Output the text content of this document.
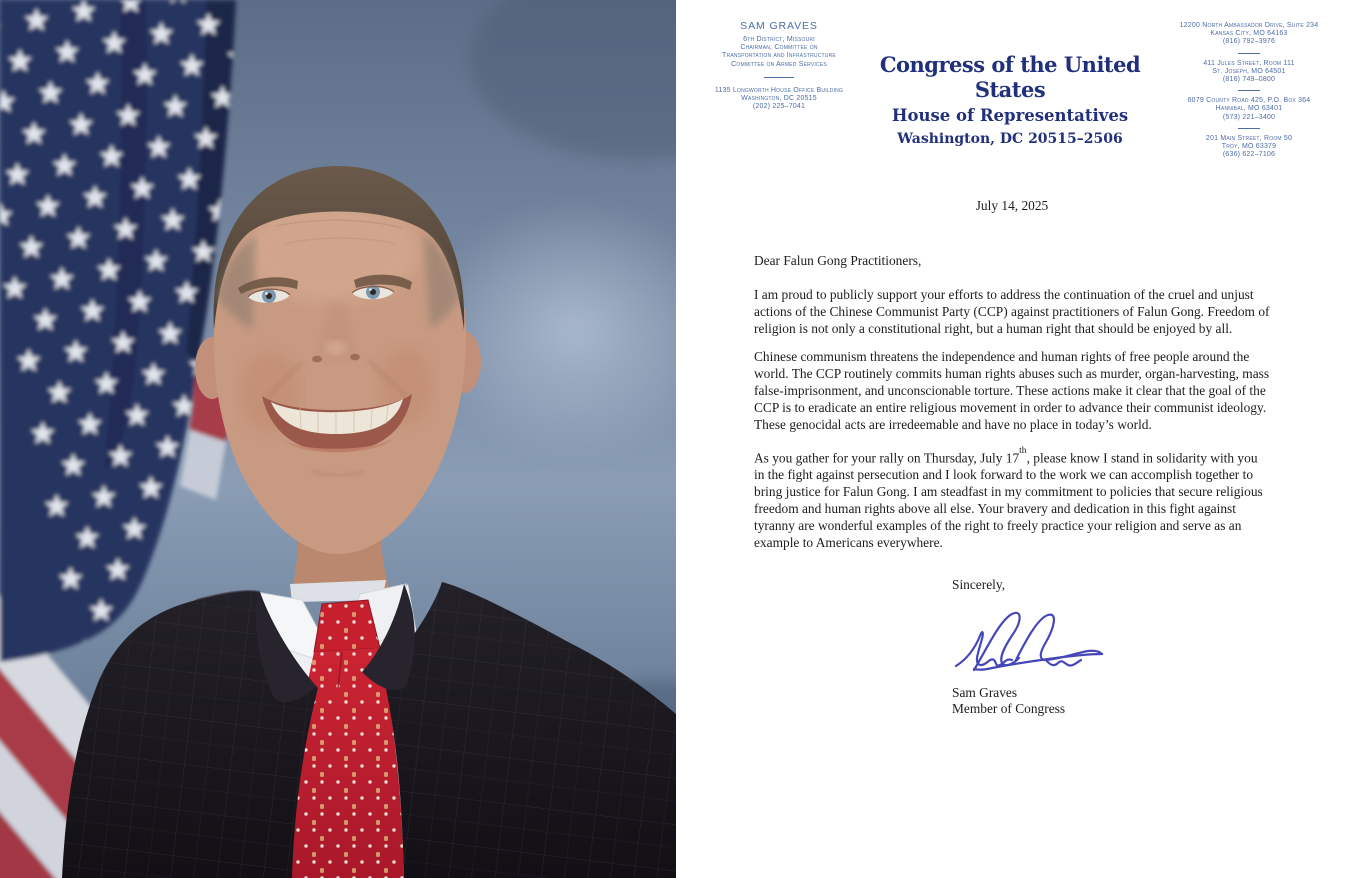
SAM GRAVES
6th District, Missouri
Chairman, Committee on
Transportation and Infrastructure
Committee on Armed Services
1135 Longworth House Office Building
Washington, DC 20515
(202) 225–7041
Congress of the United States
House of Representatives
Washington, DC 20515–2506
12200 North Ambassador Drive, Suite 234
Kansas City, MO 64163
(816) 792–3976
411 Jules Street, Room 111
St. Joseph, MO 64501
(816) 749–0800
6079 County Road 425, P.O. Box 364
Hannibal, MO 63401
(573) 221–3400
201 Main Street, Room 50
Troy, MO 63379
(636) 622–7106
July 14, 2025
Dear Falun Gong Practitioners,
I am proud to publicly support your efforts to address the continuation of the cruel and unjust actions of the Chinese Communist Party (CCP) against practitioners of Falun Gong. Freedom of religion is not only a constitutional right, but a human right that should be enjoyed by all.
Chinese communism threatens the independence and human rights of free people around the world. The CCP routinely commits human rights abuses such as murder, organ-harvesting, mass false-imprisonment, and unconscionable torture. These actions make it clear that the goal of the CCP is to eradicate an entire religious movement in order to advance their communist ideology. These genocidal acts are irredeemable and have no place in today’s world.
As you gather for your rally on Thursday, July 17th, please know I stand in solidarity with you in the fight against persecution and I look forward to the work we can accomplish together to bring justice for Falun Gong. I am steadfast in my commitment to policies that secure religious freedom and human rights above all else. Your bravery and dedication in this fight against tyranny are wonderful examples of the right to freely practice your religion and serve as an example to Americans everywhere.
Sincerely,
Sam Graves
Member of Congress
